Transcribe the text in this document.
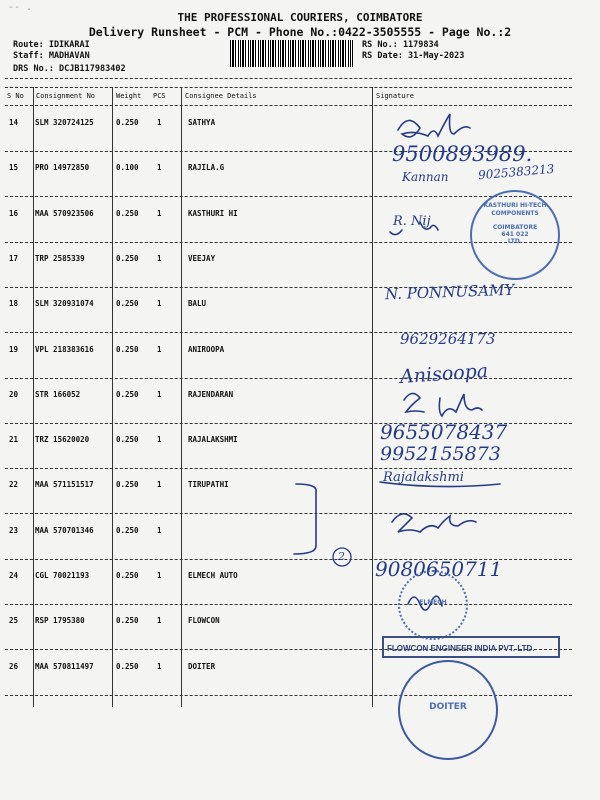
-- .
THE PROFESSIONAL COURIERS, COIMBATORE
Delivery Runsheet - PCM - Phone No.:0422-3505555 - Page No.:2
Route: IDIKARAI
Staff: MADHAVAN
DRS No.: DCJB117983402
RS No.: 1179834
RS Date: 31-May-2023
--
S No Consignment No	Weight PCS	Consignee Details	Signature
14 SLM 320724125	0.250 1	SATHYA
15 PRO 14972850	0.100 1	RAJILA.G
16 MAA 570923506	0.250 1	KASTHURI HI
17 TRP 2585339	0.250 1	VEEJAY
18 SLM 320931074	0.250 1	BALU
19 VPL 218383616	0.250 1	ANIROOPA
20 STR 166052	0.250 1	RAJENDARAN
21 TRZ 15620020	0.250 1	RAJALAKSHMI
22 MAA 571151517	0.250 1	TIRUPATHI
23 MAA 570701346	0.250 1
24 CGL 70021193	0.250 1	ELMECH AUTO
25 RSP 1795380	0.250 1	FLOWCON
26 MAA 570811497	0.250 1	DOITER
9500893989.
Kannan 9025383213
R. Nij
N. PONNUSAMY
9629264173
Anisoopa
9655078437
9952155873
Rajalakshmi
2
9080650711
KASTHURI HI-TECH COMPONENTS
COIMBATORE
641 022
LTD.
ELMECH
FLOWCON ENGINEER INDIA PVT. LTD.
DOITER
